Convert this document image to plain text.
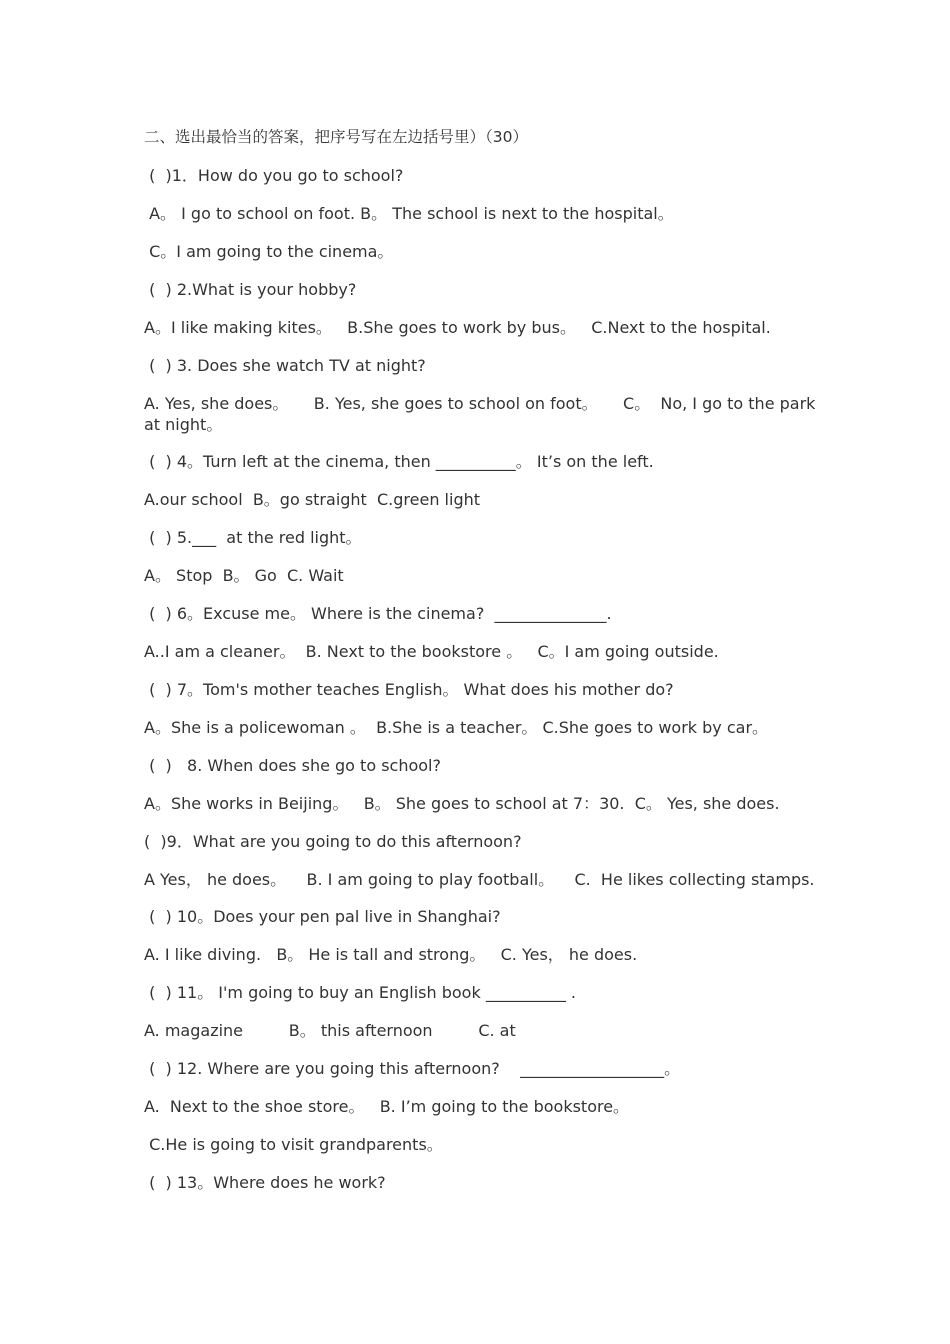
二、选出最恰当的答案，把序号写在左边括号里）（30）
(  )1．How do you go to school?
A。 I go to school on foot. B。 The school is next to the hospital。
C。I am going to the cinema。
(  ) 2.What is your hobby?
A。I like making kites。   B.She goes to work by bus。   C.Next to the hospital.
(  ) 3. Does she watch TV at night?
A. Yes, she does。     B. Yes, she goes to school on foot。     C。  No, I go to the park at night。
(  ) 4。Turn left at the cinema, then __________。 It’s on the left.
A.our school  B。go straight  C.green light
(  ) 5.___  at the red light。
A。 Stop  B。 Go  C. Wait
(  ) 6。Excuse me。 Where is the cinema?  ______________.
A..I am a cleaner。  B. Next to the bookstore 。   C。I am going outside.
(  ) 7。Tom's mother teaches English。 What does his mother do?
A。She is a policewoman 。  B.She is a teacher。 C.She goes to work by car。
(  )   8. When does she go to school?
A。She works in Beijing。   B。 She goes to school at 7：30.  C。 Yes, she does.
(  )9．What are you going to do this afternoon?
A Yes， he does。    B. I am going to play football。    C.  He likes collecting stamps.
(  ) 10。Does your pen pal live in Shanghai?
A. I like diving.   B。 He is tall and strong。   C. Yes， he does.
(  ) 11。 I'm going to buy an English book __________ .
A. magazine         B。 this afternoon         C. at
(  ) 12. Where are you going this afternoon?    __________________。
A.  Next to the shoe store。   B. I’m going to the bookstore。
C.He is going to visit grandparents。
(  ) 13。Where does he work?
